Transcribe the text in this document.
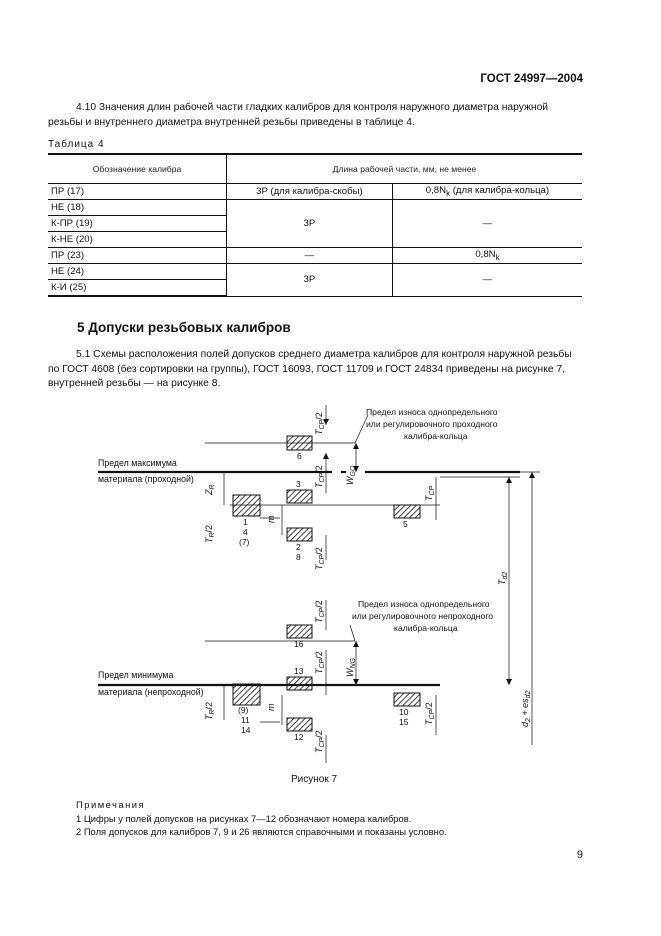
ГОСТ 24997—2004
4.10 Значения длин рабочей части гладких калибров для контроля наружного диаметра наружной резьбы и внутреннего диаметра внутренней резьбы приведены в таблице 4.
Таблица 4
Обозначение калибра	Длина рабочей части, мм, не менее	
ПР (17)	3P (для калибра-скобы)	$0,8N_k$ (для калибра-кольца)
НЕ (18)	3P	—
К-ПР (19)		
К-НЕ (20)		
ПР (23)	—	$0,8N_k$
НЕ (24)	3P	—
К-И (25)		
5 Допуски резьбовых калибров
5.1 Схемы расположения полей допусков среднего диаметра калибров для контроля наружной резьбы по ГОСТ 4608 (без сортировки на группы), ГОСТ 16093, ГОСТ 11709 и ГОСТ 24834 приведены на рисунке 7, внутренней резьбы — на рисунке 8.
Предел максимума
материала (проходной)
Предел минимума
материала (непроходной)
Предел износа однопредельного
или регулировочного проходного
калибра-кольца
Предел износа однопредельного
или регулировочного непроходного
калибра-кольца
6
3
5
1
4
(7)	2
8
16
13
(9)
11
14
12
10
15
$T_{CP}/2$
$T_{CP}/2$
$T_{CP}/2$
$T_{CP}/2$
$T_{CP}/2$
$T_{CP}/2$
$T_{CP}$
$T_{CP}/2$
$Z_R$
$T_R/2$
$T_R/2$
m
m
$W_{GO}$
$W_{NG}$
$T_{d2}$
$d_2 + es_{d2}$
Рисунок 7
Примечания
1 Цифры у полей допусков на рисунках 7—12 обозначают номера калибров.
2 Поля допусков для калибров 7, 9 и 26 являются справочными и показаны условно.
9
